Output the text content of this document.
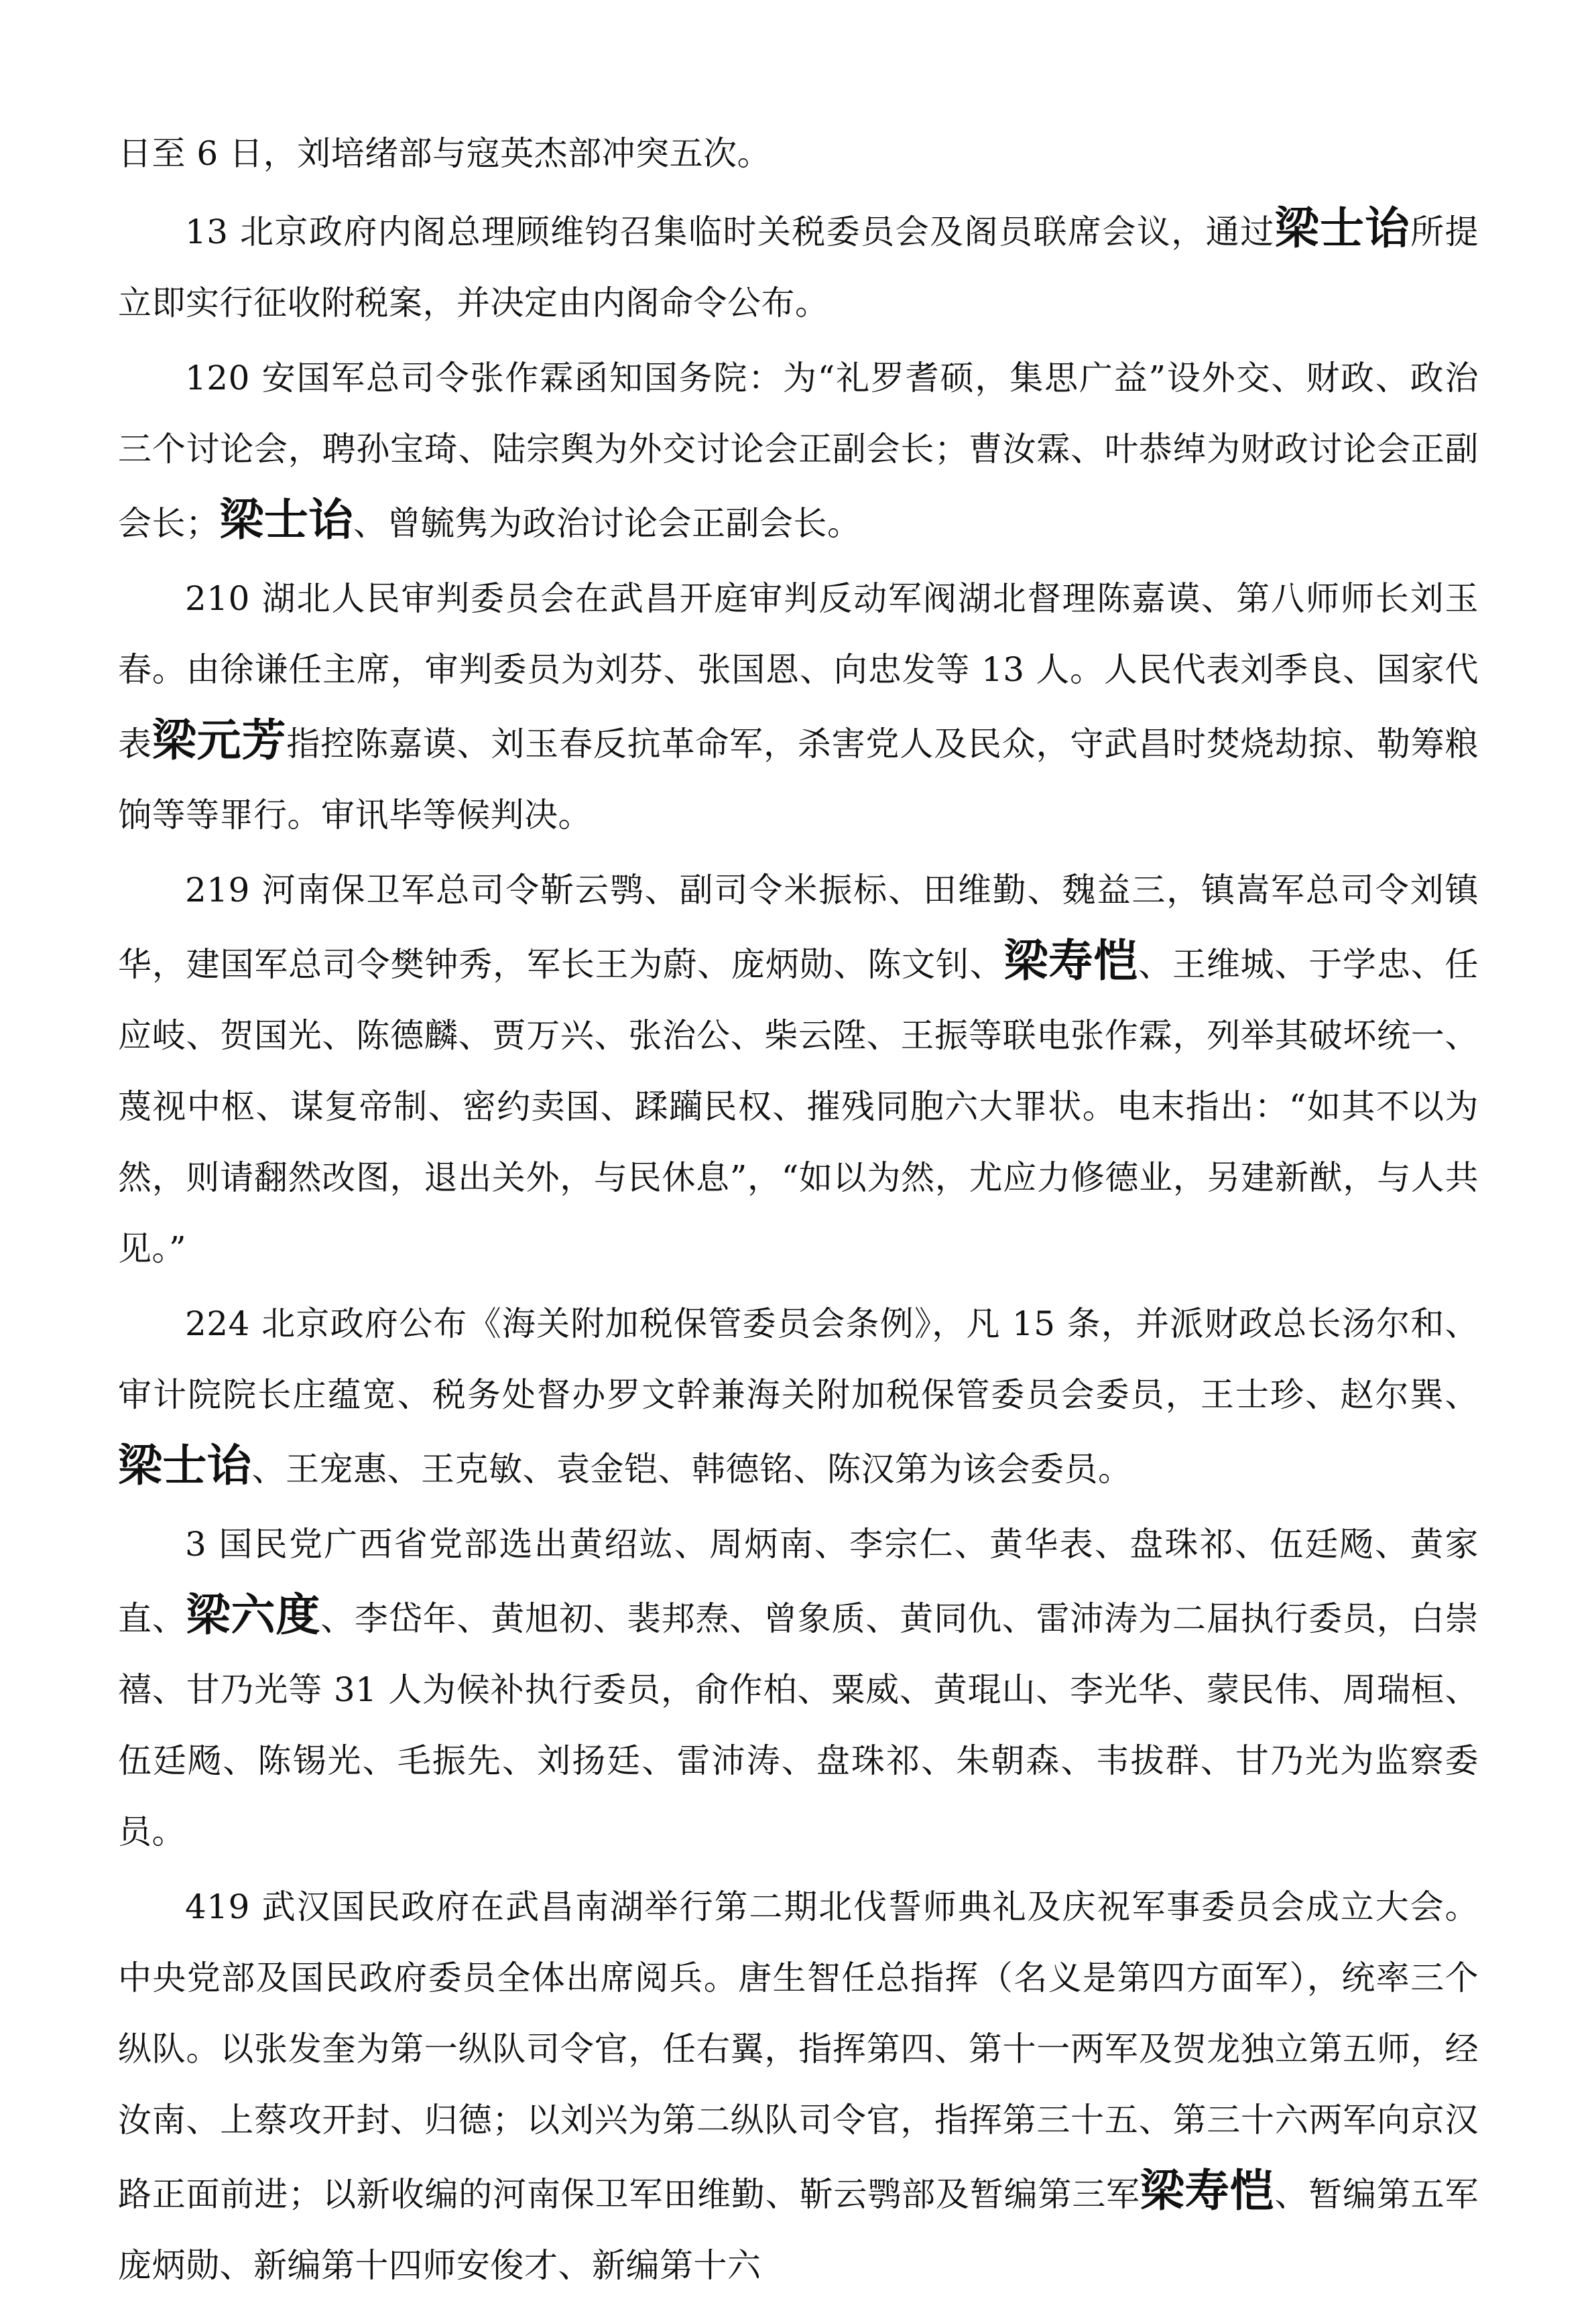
日至 6 日，刘培绪部与寇英杰部冲突五次。
13 北京政府内阁总理顾维钧召集临时关税委员会及阁员联席会议，通过梁士诒所提立即实行征收附税案，并决定由内阁命令公布。
120 安国军总司令张作霖函知国务院：为“礼罗耆硕，集思广益”设外交、财政、政治三个讨论会，聘孙宝琦、陆宗舆为外交讨论会正副会长；曹汝霖、叶恭绰为财政讨论会正副会长；梁士诒、曾毓隽为政治讨论会正副会长。
210 湖北人民审判委员会在武昌开庭审判反动军阀湖北督理陈嘉谟、第八师师长刘玉春。由徐谦任主席，审判委员为刘芬、张国恩、向忠发等 13 人。人民代表刘季良、国家代表梁元芳指控陈嘉谟、刘玉春反抗革命军，杀害党人及民众，守武昌时焚烧劫掠、勒筹粮饷等等罪行。审讯毕等候判决。
219 河南保卫军总司令靳云鹗、副司令米振标、田维勤、魏益三，镇嵩军总司令刘镇华，建国军总司令樊钟秀，军长王为蔚、庞炳勋、陈文钊、梁寿恺、王维城、于学忠、任应岐、贺国光、陈德麟、贾万兴、张治公、柴云陞、王振等联电张作霖，列举其破坏统一、蔑视中枢、谋复帝制、密约卖国、蹂躏民权、摧残同胞六大罪状。电末指出：“如其不以为然，则请翻然改图，退出关外，与民休息”，“如以为然，尤应力修德业，另建新猷，与人共见。”
224 北京政府公布《海关附加税保管委员会条例》，凡 15 条，并派财政总长汤尔和、审计院院长庄蕴宽、税务处督办罗文幹兼海关附加税保管委员会委员，王士珍、赵尔巽、梁士诒、王宠惠、王克敏、袁金铠、韩德铭、陈汉第为该会委员。
3 国民党广西省党部选出黄绍竑、周炳南、李宗仁、黄华表、盘珠祁、伍廷飏、黄家直、梁六度、李岱年、黄旭初、裴邦焘、曾象质、黄同仇、雷沛涛为二届执行委员，白崇禧、甘乃光等 31 人为候补执行委员，俞作柏、粟威、黄琨山、李光华、蒙民伟、周瑞桓、伍廷飏、陈锡光、毛振先、刘扬廷、雷沛涛、盘珠祁、朱朝森、韦拔群、甘乃光为监察委员。
419 武汉国民政府在武昌南湖举行第二期北伐誓师典礼及庆祝军事委员会成立大会。中央党部及国民政府委员全体出席阅兵。唐生智任总指挥（名义是第四方面军），统率三个纵队。以张发奎为第一纵队司令官，任右翼，指挥第四、第十一两军及贺龙独立第五师，经汝南、上蔡攻开封、归德；以刘兴为第二纵队司令官，指挥第三十五、第三十六两军向京汉路正面前进；以新收编的河南保卫军田维勤、靳云鹗部及暂编第三军梁寿恺、暂编第五军庞炳勋、新编第十四师安俊才、新编第十六
